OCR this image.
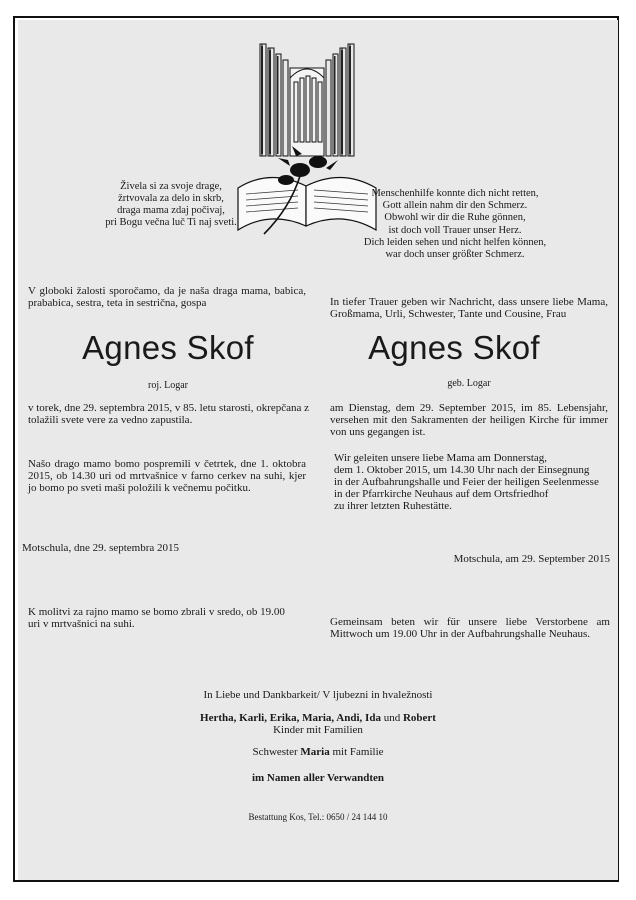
Živela si za svoje drage,
žrtvovala za delo in skrb,
draga mama zdaj počivaj,
pri Bogu večna luč Ti naj sveti.
Menschenhilfe konnte dich nicht retten,
Gott allein nahm dir den Schmerz.
Obwohl wir dir die Ruhe gönnen,
ist doch voll Trauer unser Herz.
Dich leiden sehen und nicht helfen können,
war doch unser größter Schmerz.
V globoki žalosti sporočamo, da je naša draga mama, babica, prababica, sestra, teta in sestrična, gospa
Agnes Skof
roj. Logar
v torek, dne 29. septembra 2015, v 85. letu starosti, okrepčana z tolažili svete vere za vedno zapustila.
Našo drago mamo bomo pospremili v četrtek, dne 1. oktobra 2015, ob 14.30 uri od mrtvašnice v farno cerkev na suhi, kjer jo bomo po sveti maši položili k večnemu počitku.
Motschula, dne 29. septembra 2015
K molitvi za rajno mamo se bomo zbrali v sredo, ob 19.00 uri v mrtvašnici na suhi.
In tiefer Trauer geben wir Nachricht, dass unsere liebe Mama, Großmama, Urli, Schwester, Tante und Cousine, Frau
Agnes Skof
geb. Logar
am Dienstag, dem 29. September 2015, im 85. Lebensjahr, versehen mit den Sakramenten der heiligen Kirche für immer von uns gegangen ist.
Wir geleiten unsere liebe Mama am Donnerstag,
dem 1. Oktober 2015, um 14.30 Uhr nach der Einsegnung
in der Aufbahrungshalle und Feier der heiligen Seelenmesse
in der Pfarrkirche Neuhaus auf dem Ortsfriedhof
zu ihrer letzten Ruhestätte.
Motschula, am 29. September 2015
Gemeinsam beten wir für unsere liebe Verstorbene am Mittwoch um 19.00 Uhr in der Aufbahrungshalle Neuhaus.
In Liebe und Dankbarkeit/ V ljubezni in hvaležnosti
Hertha, Karli, Erika, Maria, Andi, Ida und Robert
Kinder mit Familien
Schwester Maria mit Familie
im Namen aller Verwandten
Bestattung Kos, Tel.: 0650 / 24 144 10
